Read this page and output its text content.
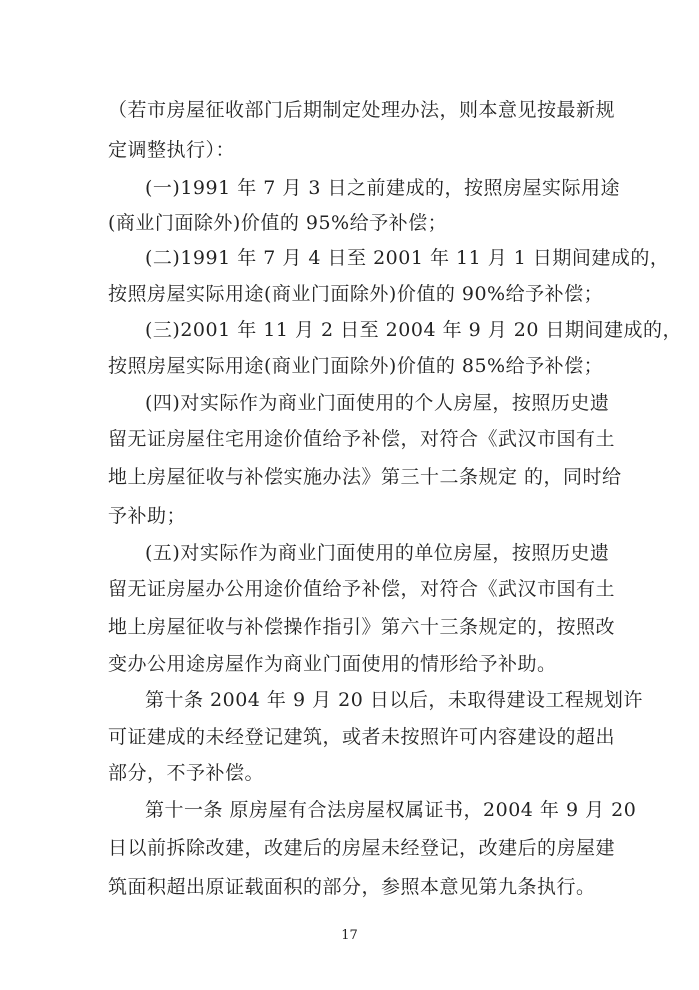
（若市房屋征收部门后期制定处理办法，则本意见按最新规
定调整执行）：
(一)1991 年 7 月 3 日之前建成的，按照房屋实际用途
(商业门面除外)价值的 95%给予补偿；
(二)1991 年 7 月 4 日至 2001 年 11 月 1 日期间建成的，
按照房屋实际用途(商业门面除外)价值的 90%给予补偿；
(三)2001 年 11 月 2 日至 2004 年 9 月 20 日期间建成的，
按照房屋实际用途(商业门面除外)价值的 85%给予补偿；
(四)对实际作为商业门面使用的个人房屋，按照历史遗
留无证房屋住宅用途价值给予补偿，对符合《武汉市国有土
地上房屋征收与补偿实施办法》第三十二条规定 的，同时给
予补助；
(五)对实际作为商业门面使用的单位房屋，按照历史遗
留无证房屋办公用途价值给予补偿，对符合《武汉市国有土
地上房屋征收与补偿操作指引》第六十三条规定的，按照改
变办公用途房屋作为商业门面使用的情形给予补助。
第十条 2004 年 9 月 20 日以后，未取得建设工程规划许
可证建成的未经登记建筑，或者未按照许可内容建设的超出
部分，不予补偿。
第十一条 原房屋有合法房屋权属证书，2004 年 9 月 20
日以前拆除改建，改建后的房屋未经登记，改建后的房屋建
筑面积超出原证载面积的部分，参照本意见第九条执行。
17
